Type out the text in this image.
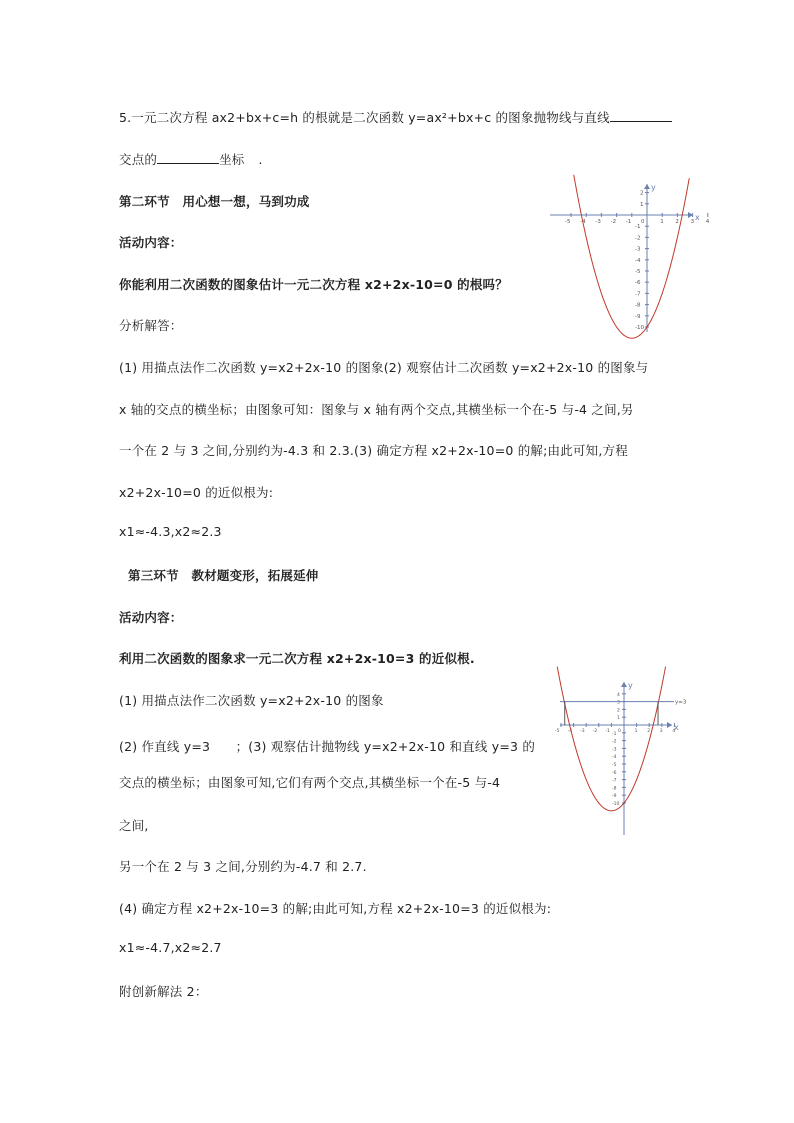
5.一元二次方程 ax2+bx+c=h 的根就是二次函数 y=ax²+bx+c 的图象抛物线与直线
交点的	坐标 .
第二环节　用心想一想，马到功成
活动内容：
你能利用二次函数的图象估计一元二次方程 x2+2x-10=0 的根吗？
分析解答：
(1) 用描点法作二次函数 y=x2+2x-10 的图象(2) 观察估计二次函数 y=x2+2x-10 的图象与
x 轴的交点的横坐标；由图象可知：图象与 x 轴有两个交点,其横坐标一个在-5 与-4 之间,另
一个在 2 与 3 之间,分别约为-4.3 和 2.3.(3) 确定方程 x2+2x-10=0 的解;由此可知,方程
x2+2x-10=0 的近似根为:
x1≈-4.3,x2≈2.3
x
y
-5 -4 -3 -2 -1 0	1 2 3 4
2
1
-1
-2
-3
-4
-5
-6
-7
-8
-9
-10
第三环节　教材题变形，拓展延伸
活动内容：
利用二次函数的图象求一元二次方程 x2+2x-10=3 的近似根.
(1) 用描点法作二次函数 y=x2+2x-10 的图象
(2) 作直线 y=3　　；(3) 观察估计抛物线 y=x2+2x-10 和直线 y=3 的
交点的横坐标；由图象可知,它们有两个交点,其横坐标一个在-5 与-4
之间,
另一个在 2 与 3 之间,分别约为-4.7 和 2.7.
(4) 确定方程 x2+2x-10=3 的解;由此可知,方程 x2+2x-10=3 的近似根为:
x1≈-4.7,x2≈2.7
附创新解法 2：
x
y
-5 -4 -3 -2 -1 0	1 2 3 4
4
3
2
1
-1
-2
-3
-4
-5
-6
-7
-8
-9
-10
y=3
